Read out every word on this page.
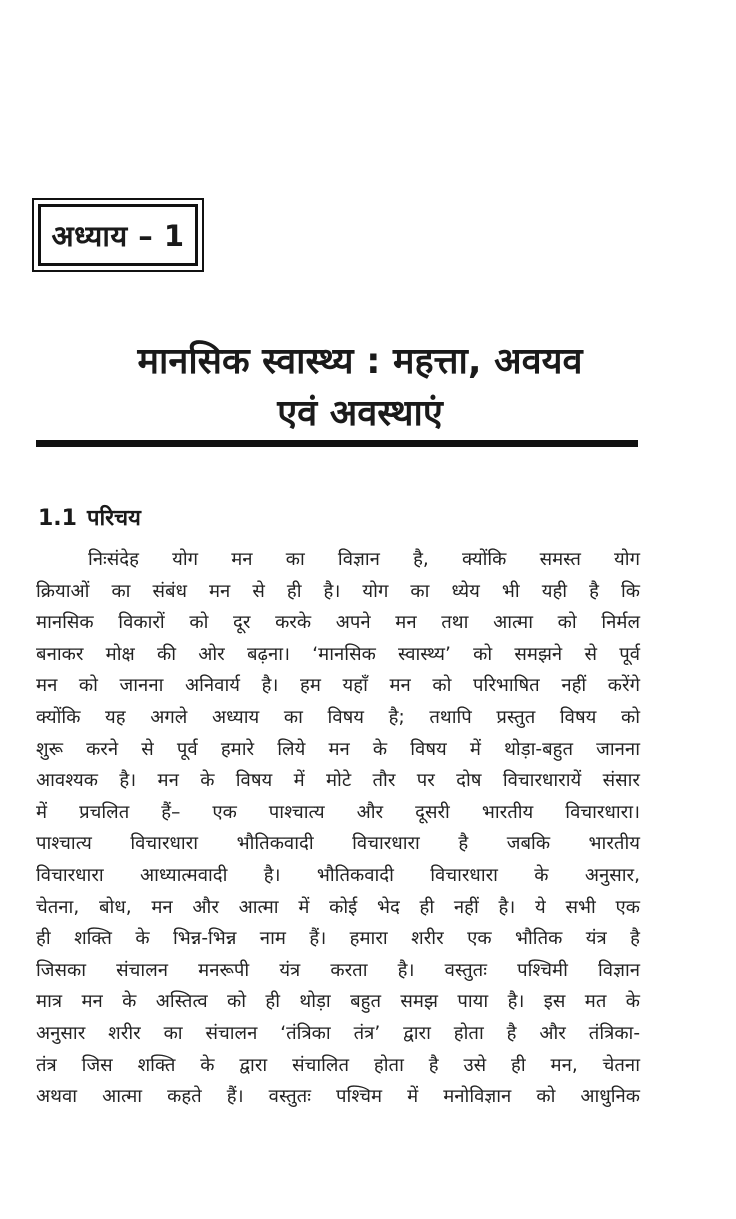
अध्याय – 1
मानसिक स्वास्थ्य : महत्ता, अवयव
एवं अवस्थाएं
1.1 परिचय

निःसंदेह योग मन का विज्ञान है, क्योंकि समस्त योग
क्रियाओं का संबंध मन से ही है। योग का ध्येय भी यही है कि
मानसिक विकारों को दूर करके अपने मन तथा आत्मा को निर्मल
बनाकर मोक्ष की ओर बढ़ना। ‘मानसिक स्वास्थ्य’ को समझने से पूर्व
मन को जानना अनिवार्य है। हम यहाँ मन को परिभाषित नहीं करेंगे
क्योंकि यह अगले अध्याय का विषय है; तथापि प्रस्तुत विषय को
शुरू करने से पूर्व हमारे लिये मन के विषय में थोड़ा-बहुत जानना
आवश्यक है। मन के विषय में मोटे तौर पर दोष विचारधारायें संसार
में प्रचलित हैं– एक पाश्चात्य और दूसरी भारतीय विचारधारा।
पाश्चात्य विचारधारा भौतिकवादी विचारधारा है जबकि भारतीय
विचारधारा आध्यात्मवादी है। भौतिकवादी विचारधारा के अनुसार,
चेतना, बोध, मन और आत्मा में कोई भेद ही नहीं है। ये सभी एक
ही शक्ति के भिन्न-भिन्न नाम हैं। हमारा शरीर एक भौतिक यंत्र है
जिसका संचालन मनरूपी यंत्र करता है। वस्तुतः पश्चिमी विज्ञान
मात्र मन के अस्तित्व को ही थोड़ा बहुत समझ पाया है। इस मत के
अनुसार शरीर का संचालन ‘तंत्रिका तंत्र’ द्वारा होता है और तंत्रिका-
तंत्र जिस शक्ति के द्वारा संचालित होता है उसे ही मन, चेतना
अथवा आत्मा कहते हैं। वस्तुतः पश्चिम में मनोविज्ञान को आधुनिक
